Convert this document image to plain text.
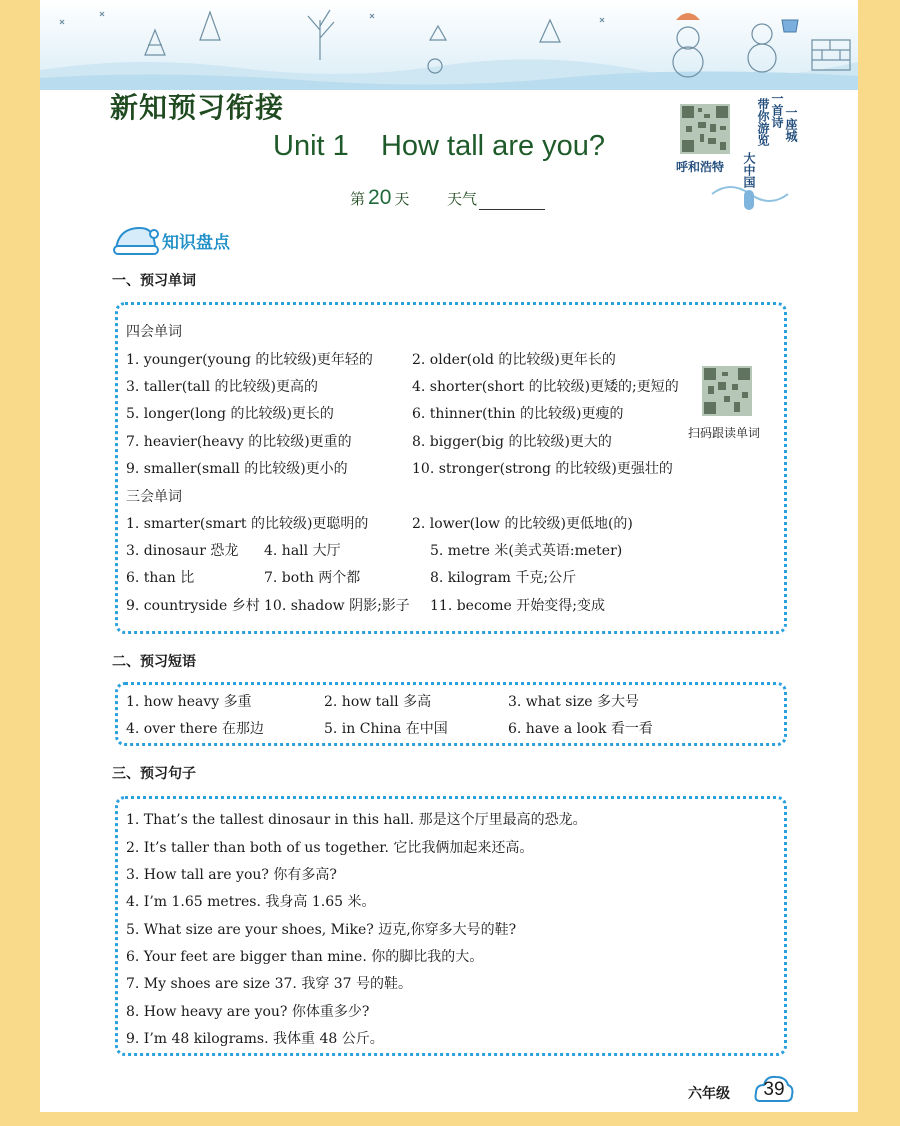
新知预习衔接
Unit 1    How tall are you?
第 20 天	天气
呼和浩特
一首诗
带你游览 一座城
大中国
知识盘点
一、预习单词
四会单词
1. younger(young 的比较级)更年轻的	2. older(old 的比较级)更年长的
3. taller(tall 的比较级)更高的	4. shorter(short 的比较级)更矮的;更短的
5. longer(long 的比较级)更长的	6. thinner(thin 的比较级)更瘦的
7. heavier(heavy 的比较级)更重的	8. bigger(big 的比较级)更大的
9. smaller(small 的比较级)更小的	10. stronger(strong 的比较级)更强壮的
三会单词
1. smarter(smart 的比较级)更聪明的	2. lower(low 的比较级)更低地(的)
3. dinosaur 恐龙 4. hall 大厅	5. metre 米(美式英语:meter)
6. than 比	7. both 两个都	8. kilogram 千克;公斤
9. countryside 乡村 10. shadow 阴影;影子 11. become 开始变得;变成
扫码跟读单词
二、预习短语
1. how heavy 多重	2. how tall 多高	3. what size 多大号
4. over there 在那边	5. in China 在中国	6. have a look 看一看
三、预习句子
1. That’s the tallest dinosaur in this hall. 那是这个厅里最高的恐龙。
2. It’s taller than both of us together. 它比我俩加起来还高。
3. How tall are you? 你有多高?
4. I’m 1.65 metres. 我身高 1.65 米。
5. What size are your shoes, Mike? 迈克,你穿多大号的鞋?
6. Your feet are bigger than mine. 你的脚比我的大。
7. My shoes are size 37. 我穿 37 号的鞋。
8. How heavy are you? 你体重多少?
9. I’m 48 kilograms. 我体重 48 公斤。
六年级	39
